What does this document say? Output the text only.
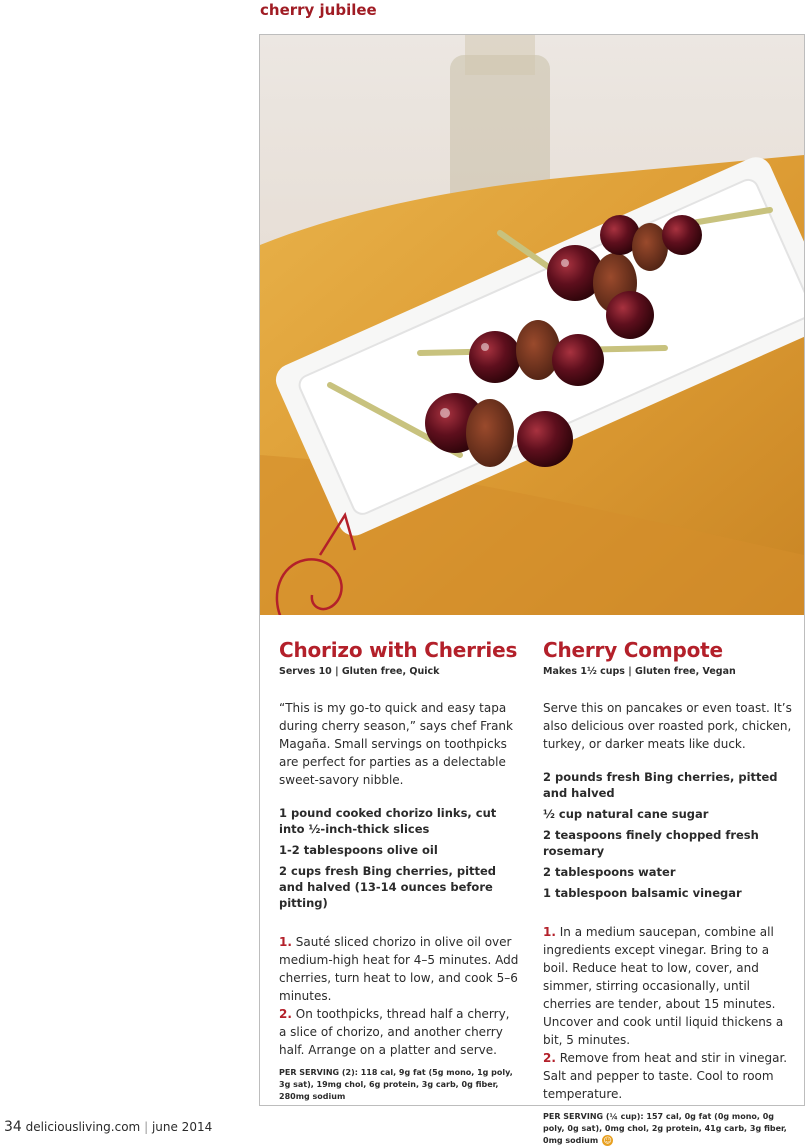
cherry jubilee
Chorizo with Cherries
Serves 10 | Gluten free, Quick

“This is my go-to quick and easy tapa during cherry season,” says chef Frank Magaña. Small servings on toothpicks are perfect for parties as a delectable sweet-savory nibble.

1 pound cooked chorizo links, cut into ½-inch-thick slices
1-2 tablespoons olive oil
2 cups fresh Bing cherries, pitted and halved (13-14 ounces before pitting)

1. Sauté sliced chorizo in olive oil over medium-high heat for 4–5 minutes. Add cherries, turn heat to low, and cook 5–6 minutes.

2. On toothpicks, thread half a cherry, a slice of chorizo, and another cherry half. Arrange on a platter and serve.

PER SERVING (2): 118 cal, 9g fat (5g mono, 1g poly, 3g sat), 19mg chol, 6g protein, 3g carb, 0g fiber, 280mg sodium
Cherry Compote
Makes 1½ cups | Gluten free, Vegan

Serve this on pancakes or even toast. It’s also delicious over roasted pork, chicken, turkey, or darker meats like duck.

2 pounds fresh Bing cherries, pitted and halved
½ cup natural cane sugar
2 teaspoons finely chopped fresh rosemary
2 tablespoons water
1 tablespoon balsamic vinegar

1. In a medium saucepan, combine all ingredients except vinegar. Bring to a boil. Reduce heat to low, cover, and simmer, stirring occasionally, until cherries are tender, about 15 minutes. Uncover and cook until liquid thickens a bit, 5 minutes.

2. Remove from heat and stir in vinegar. Salt and pepper to taste. Cool to room temperature.

PER SERVING (¼ cup): 157 cal, 0g fat (0g mono, 0g poly, 0g sat), 0mg chol, 2g protein, 41g carb, 3g fiber, 0mg sodium ☺
34 deliciousliving.com | june 2014
